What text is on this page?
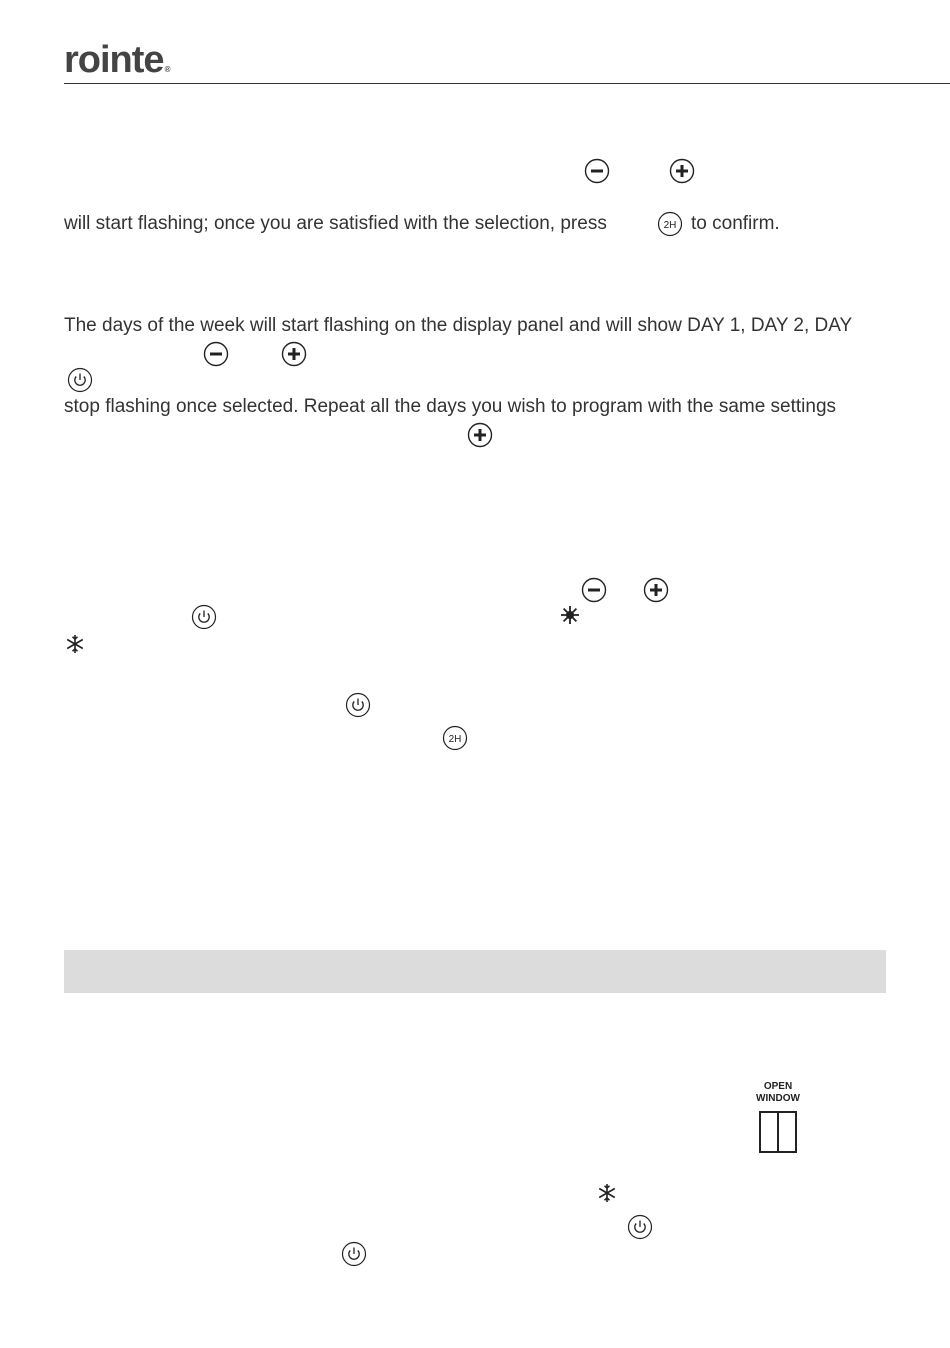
rointe®
will start flashing; once you are satisfied with the selection, press	2H to confirm.
The days of the week will start flashing on the display panel and will show DAY 1, DAY 2, DAY
stop flashing once selected. Repeat all the days you wish to program with the same settings
2H
OPEN
WINDOW
